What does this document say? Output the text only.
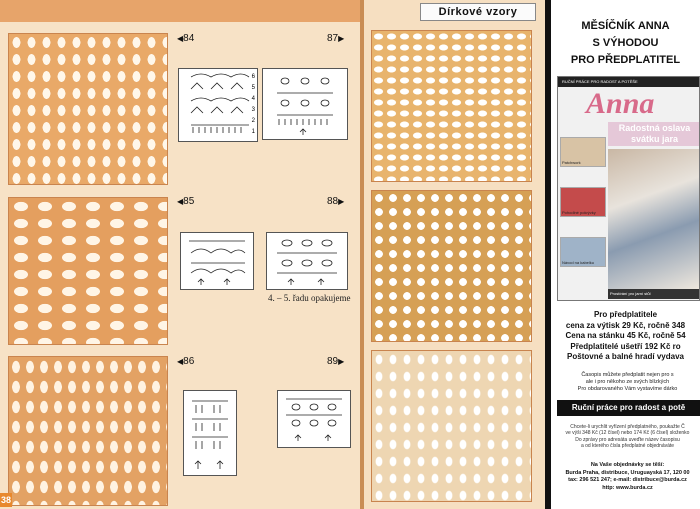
◀84	87▶
◀85	88▶
◀86	89▶
6
5
4
3
2
1
4. – 5. řadu opakujeme
38
Dírkové vzory
MĚSÍČNÍK ANNA
S VÝHODOU
PRO PŘEDPLATITEL
RUČNÍ PRÁCE PRO RADOST A POTĚŠE
Anna
Radostná oslava
svátku jara
Patchwork
Pohodlné pokrývky
Návod na kabelku
Prostírání pro jarní stůl
Pro předplatitele
cena za výtisk 29 Kč, ročně 348
Cena na stánku 45 Kč, ročně 54
Předplatitelé ušetří 192 Kč ro
Poštovné a balné hradí vydava
Časopis můžete předplatit nejen pro s
ale i pro někoho ze svých blízkých
Pro obdarovaného Vám vystavíme dárko
Ruční práce pro radost a potě
Chcete-li urychlit vyřízení předplatného, poukažte Č
ve výši 348 Kč (12 čísel) nebo 174 Kč (6 čísel) složenko
Do zprávy pro adresáta uveďte název časopisu
a od kterého čísla předplatné objednáváte
Na Vaše objednávky se těší:
Burda Praha, distribuce, Uruguayská 17, 120 00
tax: 296 521 247; e-mail: distribuce@burda.cz
http: www.burda.cz
